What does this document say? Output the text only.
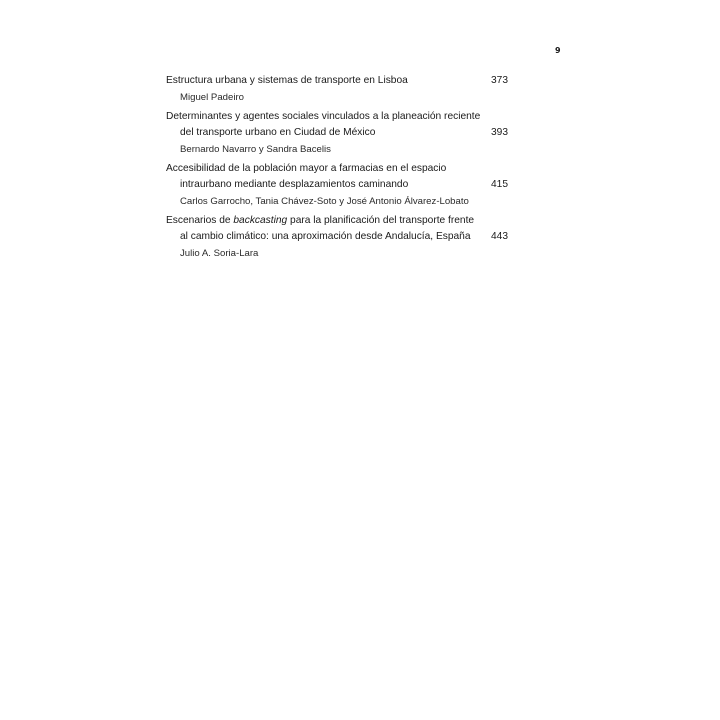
9
Estructura urbana y sistemas de transporte en Lisboa	373
Miguel Padeiro
Determinantes y agentes sociales vinculados a la planeación reciente
del transporte urbano en Ciudad de México	393
Bernardo Navarro y Sandra Bacelis
Accesibilidad de la población mayor a farmacias en el espacio
intraurbano mediante desplazamientos caminando	415
Carlos Garrocho, Tania Chávez-Soto y José Antonio Álvarez-Lobato
Escenarios de backcasting para la planificación del transporte frente
al cambio climático: una aproximación desde Andalucía, España 443
Julio A. Soria-Lara
